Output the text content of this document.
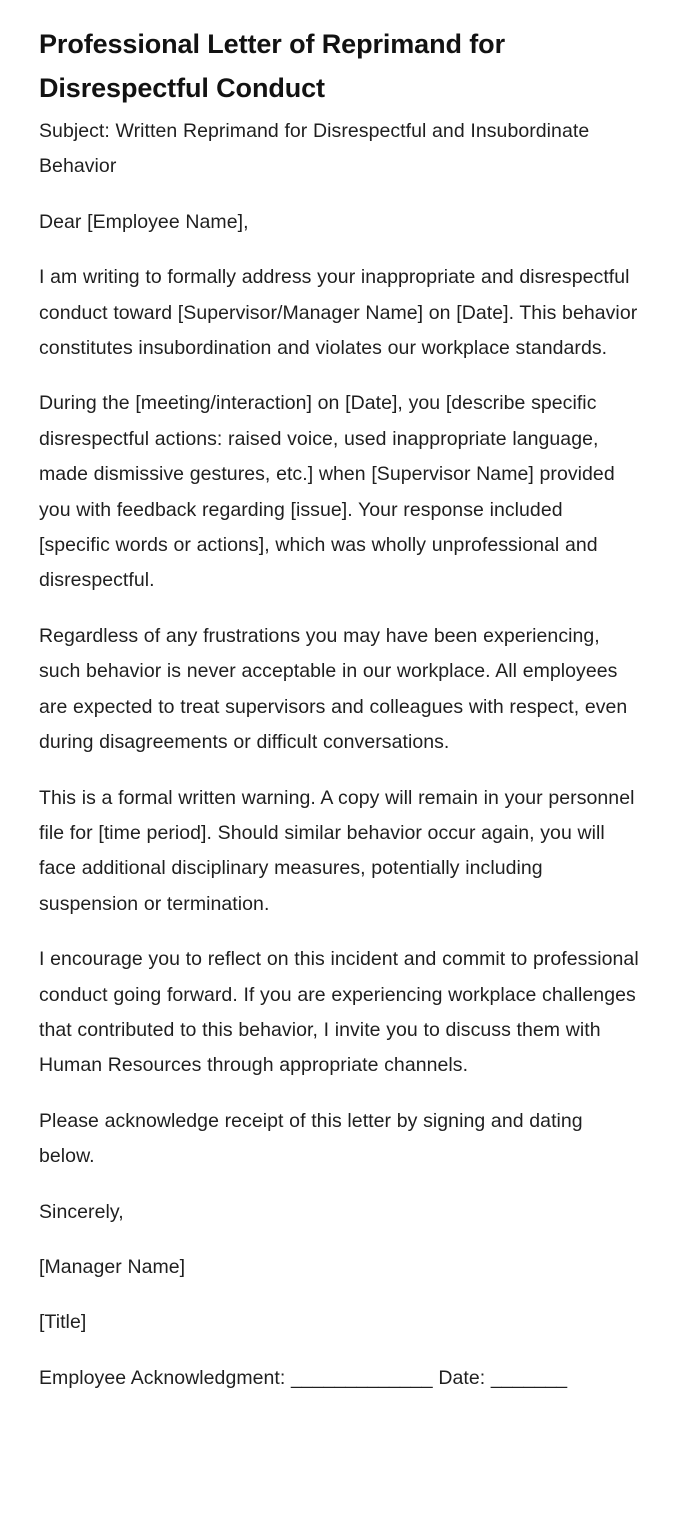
Professional Letter of Reprimand for Disrespectful Conduct

Subject: Written Reprimand for Disrespectful and Insubordinate Behavior

Dear [Employee Name],

I am writing to formally address your inappropriate and disrespectful conduct toward [Supervisor/Manager Name] on [Date]. This behavior constitutes insubordination and violates our workplace standards.

During the [meeting/interaction] on [Date], you [describe specific disrespectful actions: raised voice, used inappropriate language, made dismissive gestures, etc.] when [Supervisor Name] provided you with feedback regarding [issue]. Your response included [specific words or actions], which was wholly unprofessional and disrespectful.

Regardless of any frustrations you may have been experiencing, such behavior is never acceptable in our workplace. All employees are expected to treat supervisors and colleagues with respect, even during disagreements or difficult conversations.

This is a formal written warning. A copy will remain in your personnel file for [time period]. Should similar behavior occur again, you will face additional disciplinary measures, potentially including suspension or termination.

I encourage you to reflect on this incident and commit to professional conduct going forward. If you are experiencing workplace challenges that contributed to this behavior, I invite you to discuss them with Human Resources through appropriate channels.

Please acknowledge receipt of this letter by signing and dating below.

Sincerely,

[Manager Name]

[Title]

Employee Acknowledgment: _____________ Date: _______
